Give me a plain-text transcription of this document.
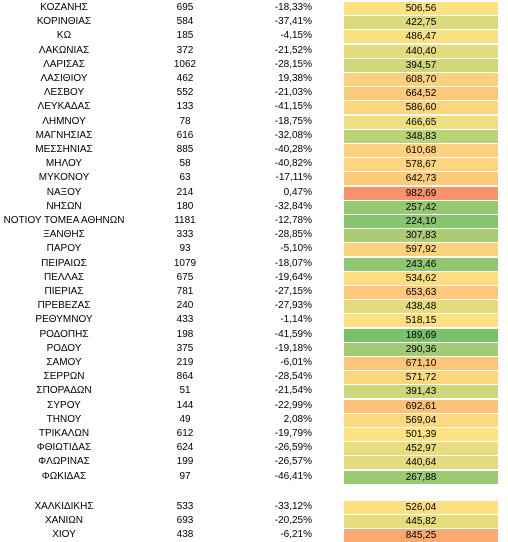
ΚΟΖΑΝΗΣ	695	-18,33%	506,56
ΚΟΡΙΝΘΙΑΣ	584	-37,41%	422,75
ΚΩ	185	-4,15%	486,47
ΛΑΚΩΝΙΑΣ	372	-21,52%	440,40
ΛΑΡΙΣΑΣ	1062	-28,15%	394,57
ΛΑΣΙΘΙΟΥ	462	19,38%	608,70
ΛΕΣΒΟΥ	552	-21,03%	664,52
ΛΕΥΚΑΔΑΣ	133	-41,15%	586,60
ΛΗΜΝΟΥ	78	-18,75%	466,65
ΜΑΓΝΗΣΙΑΣ	616	-32,08%	348,83
ΜΕΣΣΗΝΙΑΣ	885	-40,28%	610,68
ΜΗΛΟΥ	58	-40,82%	578,67
ΜΥΚΟΝΟΥ	63	-17,11%	642,73
ΝΑΞΟΥ	214	0,47%	982,69
ΝΗΣΩΝ	180	-32,84%	257,42
ΝΟΤΙΟΥ ΤΟΜΕΑ ΑΘΗΝΩΝ	1181	-12,78%	224,10
ΞΑΝΘΗΣ	333	-28,85%	307,83
ΠΑΡΟΥ	93	-5,10%	597,92
ΠΕΙΡΑΙΩΣ	1079	-18,07%	243,46
ΠΕΛΛΑΣ	675	-19,64%	534,62
ΠΙΕΡΙΑΣ	781	-27,15%	653,63
ΠΡΕΒΕΖΑΣ	240	-27,93%	438,48
ΡΕΘΥΜΝΟΥ	433	-1,14%	518,15
ΡΟΔΟΠΗΣ	198	-41,59%	189,69
ΡΟΔΟΥ	375	-19,18%	290,36
ΣΑΜΟΥ	219	-6,01%	671,10
ΣΕΡΡΩΝ	864	-28,54%	571,72
ΣΠΟΡΑΔΩΝ	51	-21,54%	391,43
ΣΥΡΟΥ	144	-22,99%	692,61
ΤΗΝΟΥ	49	2,08%	569,04
ΤΡΙΚΑΛΩΝ	612	-19,79%	501,39
ΦΘΙΩΤΙΔΑΣ	624	-26,59%	452,97
ΦΛΩΡΙΝΑΣ	199	-26,57%	440,64
ΦΩΚΙΔΑΣ	97	-46,41%	267,88
ΧΑΛΚΙΔΙΚΗΣ	533	-33,12%	526,04
ΧΑΝΙΩΝ	693	-20,25%	445,82
ΧΙΟΥ	438	-6,21%	845,25
